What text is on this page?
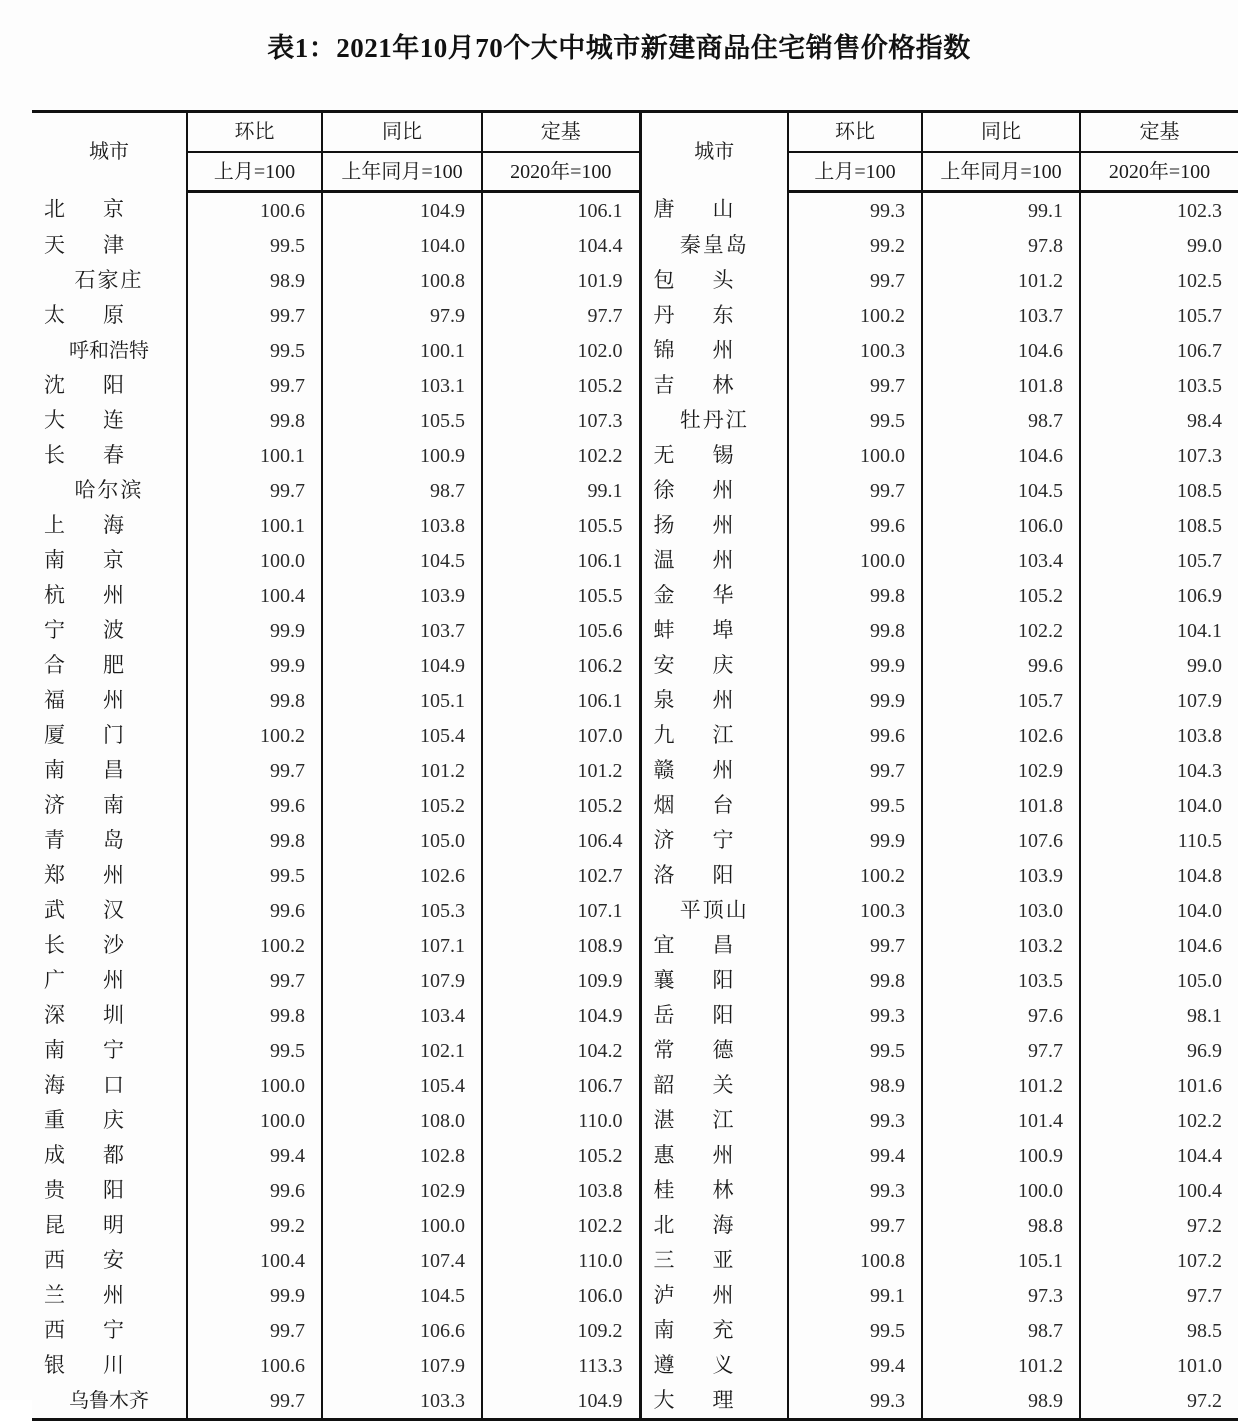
表1：2021年10月70个大中城市新建商品住宅销售价格指数
城市	环比	同比	定基	城市	环比	同比	定基
	上月=100	上年同月=100	2020年=100		上月=100	上年同月=100	2020年=100

北 京	100.6	104.9	106.1	唐 山	99.3	99.1	102.3

天 津	99.5	104.0	104.4	秦皇岛	99.2	97.8	99.0
石家庄	98.9	100.8	101.9	包 头	99.7	101.2	102.5

太 原	99.7	97.9	97.7	丹 东	100.2	103.7	105.7
呼和浩特	99.5	100.1	102.0	锦 州	100.3	104.6	106.7

沈 阳	99.7	103.1	105.2	吉 林	99.7	101.8	103.5

大 连	99.8	105.5	107.3	牡丹江	99.5	98.7	98.4

长 春	100.1	100.9	102.2	无 锡	100.0	104.6	107.3
哈尔滨	99.7	98.7	99.1	徐 州	99.7	104.5	108.5

上 海	100.1	103.8	105.5	扬 州	99.6	106.0	108.5

南 京	100.0	104.5	106.1	温 州	100.0	103.4	105.7

杭 州	100.4	103.9	105.5	金 华	99.8	105.2	106.9

宁 波	99.9	103.7	105.6	蚌 埠	99.8	102.2	104.1

合 肥	99.9	104.9	106.2	安 庆	99.9	99.6	99.0

福 州	99.8	105.1	106.1	泉 州	99.9	105.7	107.9

厦 门	100.2	105.4	107.0	九 江	99.6	102.6	103.8

南 昌	99.7	101.2	101.2	赣 州	99.7	102.9	104.3

济 南	99.6	105.2	105.2	烟 台	99.5	101.8	104.0

青 岛	99.8	105.0	106.4	济 宁	99.9	107.6	110.5

郑 州	99.5	102.6	102.7	洛 阳	100.2	103.9	104.8

武 汉	99.6	105.3	107.1	平顶山	100.3	103.0	104.0

长 沙	100.2	107.1	108.9	宜 昌	99.7	103.2	104.6

广 州	99.7	107.9	109.9	襄 阳	99.8	103.5	105.0

深 圳	99.8	103.4	104.9	岳 阳	99.3	97.6	98.1

南 宁	99.5	102.1	104.2	常 德	99.5	97.7	96.9

海 口	100.0	105.4	106.7	韶 关	98.9	101.2	101.6

重 庆	100.0	108.0	110.0	湛 江	99.3	101.4	102.2

成 都	99.4	102.8	105.2	惠 州	99.4	100.9	104.4

贵 阳	99.6	102.9	103.8	桂 林	99.3	100.0	100.4

昆 明	99.2	100.0	102.2	北 海	99.7	98.8	97.2

西 安	100.4	107.4	110.0	三 亚	100.8	105.1	107.2

兰 州	99.9	104.5	106.0	泸 州	99.1	97.3	97.7

西 宁	99.7	106.6	109.2	南 充	99.5	98.7	98.5

银 川	100.6	107.9	113.3	遵 义	99.4	101.2	101.0
乌鲁木齐	99.7	103.3	104.9	大 理	99.3	98.9	97.2
